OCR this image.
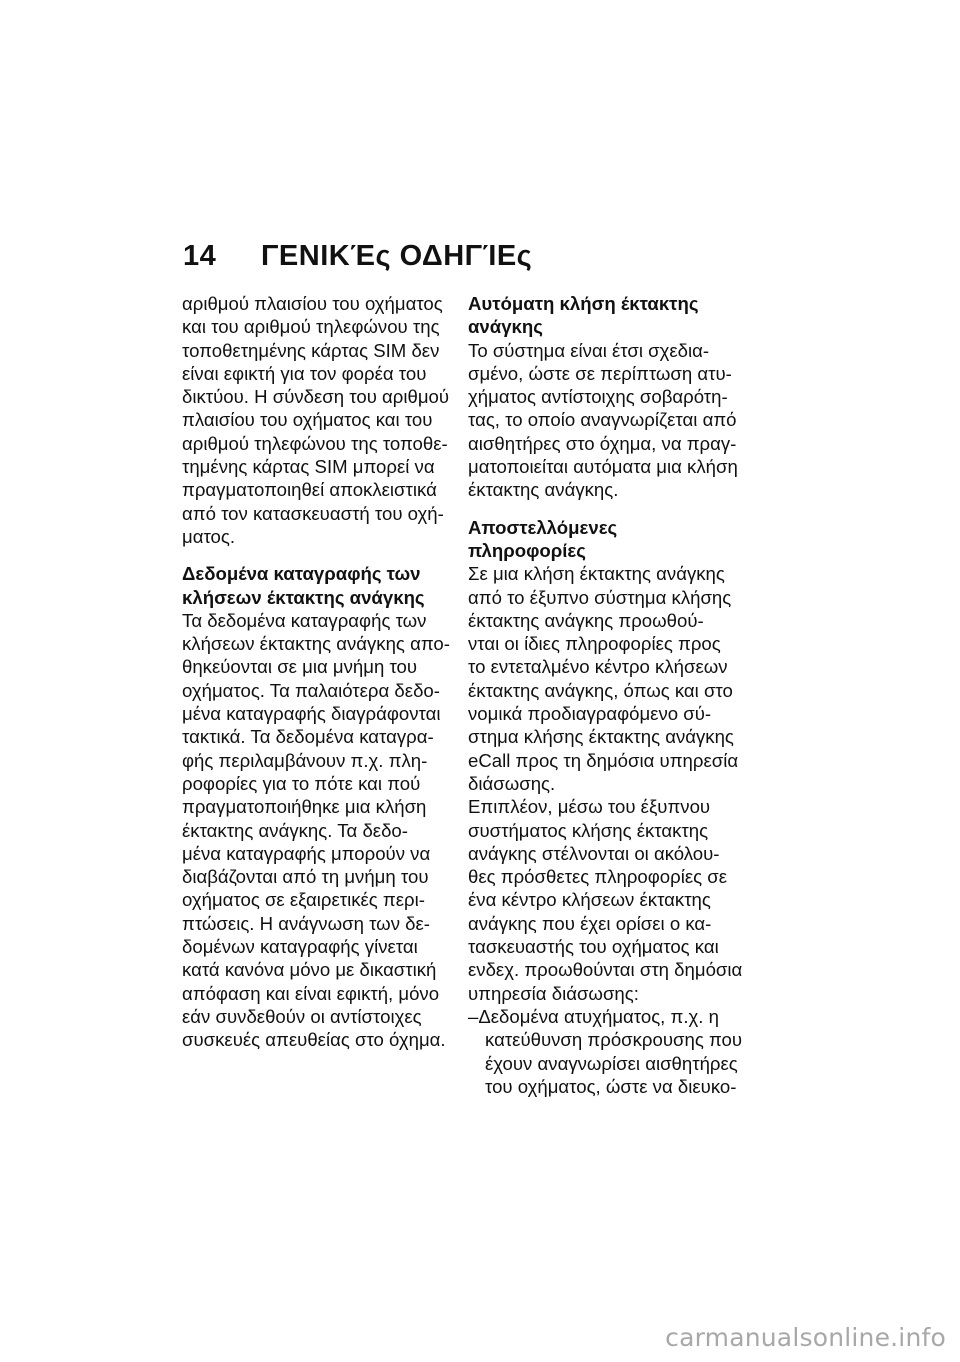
14	ΓΕΝΙΚΈς ΟΔΗΓΊΕς
αριθμού πλαισίου του οχήματος
και του αριθμού τηλεφώνου της
τοποθετημένης κάρτας SIM δεν
είναι εφικτή για τον φορέα του
δικτύου. Η σύνδεση του αριθμού
πλαισίου του οχήματος και του
αριθμού τηλεφώνου της τοποθε-
τημένης κάρτας SIM μπορεί να
πραγματοποιηθεί αποκλειστικά
από τον κατασκευαστή του οχή-
ματος.
Δεδομένα καταγραφής των
κλήσεων έκτακτης ανάγκης
Τα δεδομένα καταγραφής των
κλήσεων έκτακτης ανάγκης απο-
θηκεύονται σε μια μνήμη του
οχήματος. Τα παλαιότερα δεδο-
μένα καταγραφής διαγράφονται
τακτικά. Τα δεδομένα καταγρα-
φής περιλαμβάνουν π.χ. πλη-
ροφορίες για το πότε και πού
πραγματοποιήθηκε μια κλήση
έκτακτης ανάγκης. Τα δεδο-
μένα καταγραφής μπορούν να
διαβάζονται από τη μνήμη του
οχήματος σε εξαιρετικές περι-
πτώσεις. Η ανάγνωση των δε-
δομένων καταγραφής γίνεται
κατά κανόνα μόνο με δικαστική
απόφαση και είναι εφικτή, μόνο
εάν συνδεθούν οι αντίστοιχες
συσκευές απευθείας στο όχημα.
Αυτόματη κλήση έκτακτης
ανάγκης
Το σύστημα είναι έτσι σχεδια-
σμένο, ώστε σε περίπτωση ατυ-
χήματος αντίστοιχης σοβαρότη-
τας, το οποίο αναγνωρίζεται από
αισθητήρες στο όχημα, να πραγ-
ματοποιείται αυτόματα μια κλήση
έκτακτης ανάγκης.
Αποστελλόμενες
πληροφορίες
Σε μια κλήση έκτακτης ανάγκης
από το έξυπνο σύστημα κλήσης
έκτακτης ανάγκης προωθού-
νται οι ίδιες πληροφορίες προς
το εντεταλμένο κέντρο κλήσεων
έκτακτης ανάγκης, όπως και στο
νομικά προδιαγραφόμενο σύ-
στημα κλήσης έκτακτης ανάγκης
eCall προς τη δημόσια υπηρεσία
διάσωσης.
Επιπλέον, μέσω του έξυπνου
συστήματος κλήσης έκτακτης
ανάγκης στέλνονται οι ακόλου-
θες πρόσθετες πληροφορίες σε
ένα κέντρο κλήσεων έκτακτης
ανάγκης που έχει ορίσει ο κα-
τασκευαστής του οχήματος και
ενδεχ. προωθούνται στη δημόσια
υπηρεσία διάσωσης:
–Δεδομένα ατυχήματος, π.χ. η
κατεύθυνση πρόσκρουσης που
έχουν αναγνωρίσει αισθητήρες
του οχήματος, ώστε να διευκο-
carmanualsonline.info
